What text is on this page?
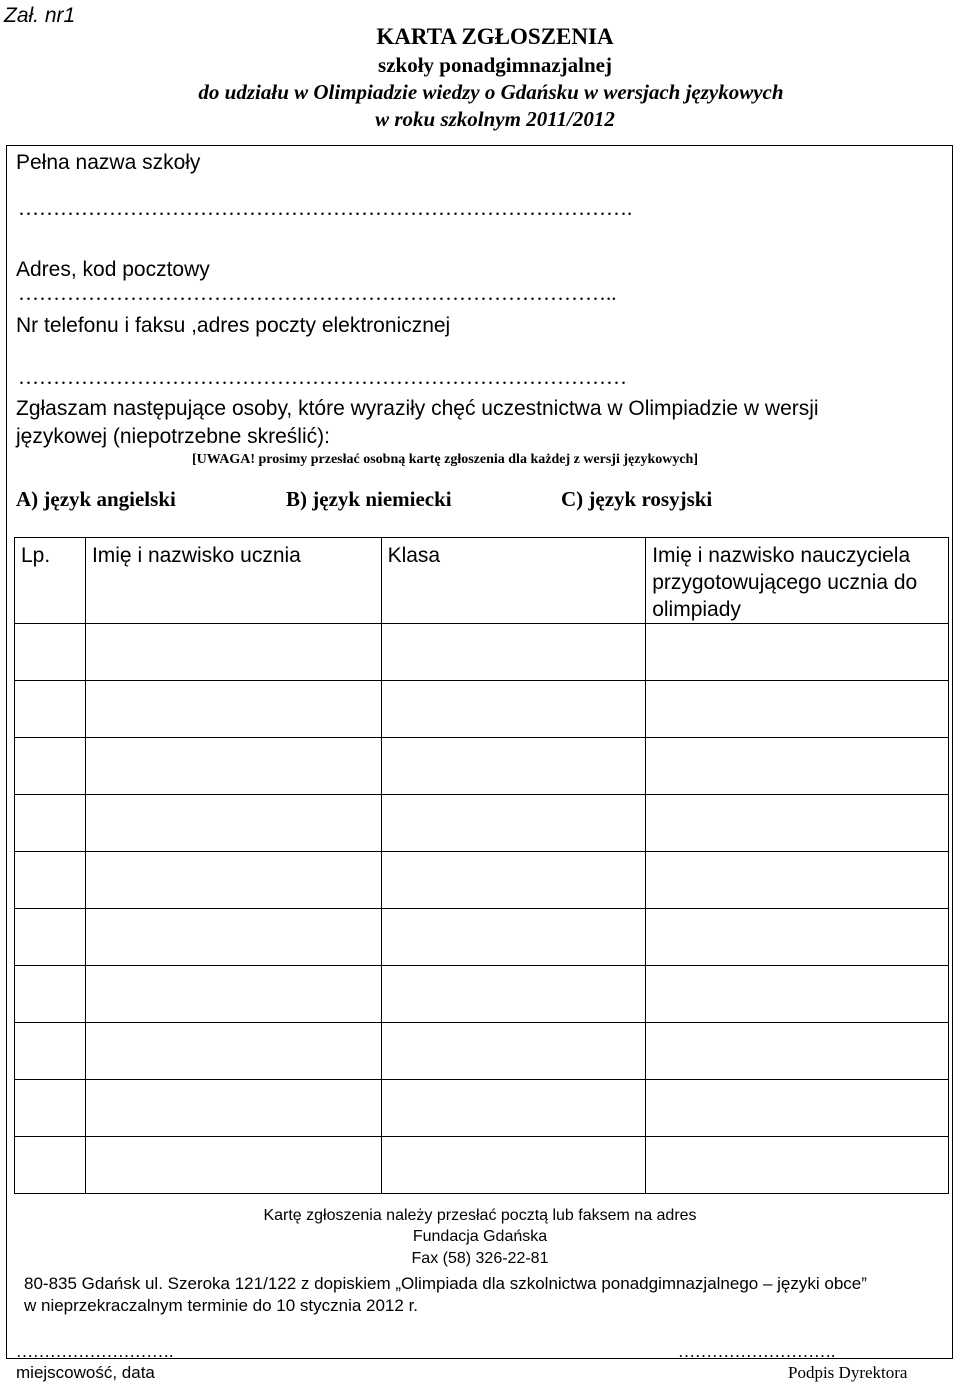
Zał. nr1
KARTA ZGŁOSZENIA
szkoły ponadgimnazjalnej
do udziału w Olimpiadzie wiedzy o Gdańsku w wersjach językowych
w roku szkolnym 2011/2012
Pełna nazwa szkoły
…………………………………………………………………………….
Adres, kod pocztowy
…………………………………………………………………………..
Nr telefonu i faksu ,adres poczty elektronicznej
……………………………………………………………………………
Zgłaszam następujące osoby, które wyraziły chęć uczestnictwa w Olimpiadzie w wersji
językowej (niepotrzebne skreślić):
[UWAGA! prosimy przesłać osobną kartę zgłoszenia dla każdej z wersji językowych]
A) język angielski	B) język niemiecki	C) język rosyjski
Lp.	Imię i nazwisko ucznia	Klasa	Imię i nazwisko nauczyciela
przygotowującego ucznia do
olimpiady

Kartę zgłoszenia należy przesłać pocztą lub faksem na adres
Fundacja Gdańska
Fax (58) 326-22-81
80-835 Gdańsk ul. Szeroka 121/122 z dopiskiem „Olimpiada dla szkolnictwa ponadgimnazjalnego – języki obce”
w nieprzekraczalnym terminie do 10 stycznia 2012 r.
……………………….
miejscowość, data
……………………….
Podpis Dyrektora
